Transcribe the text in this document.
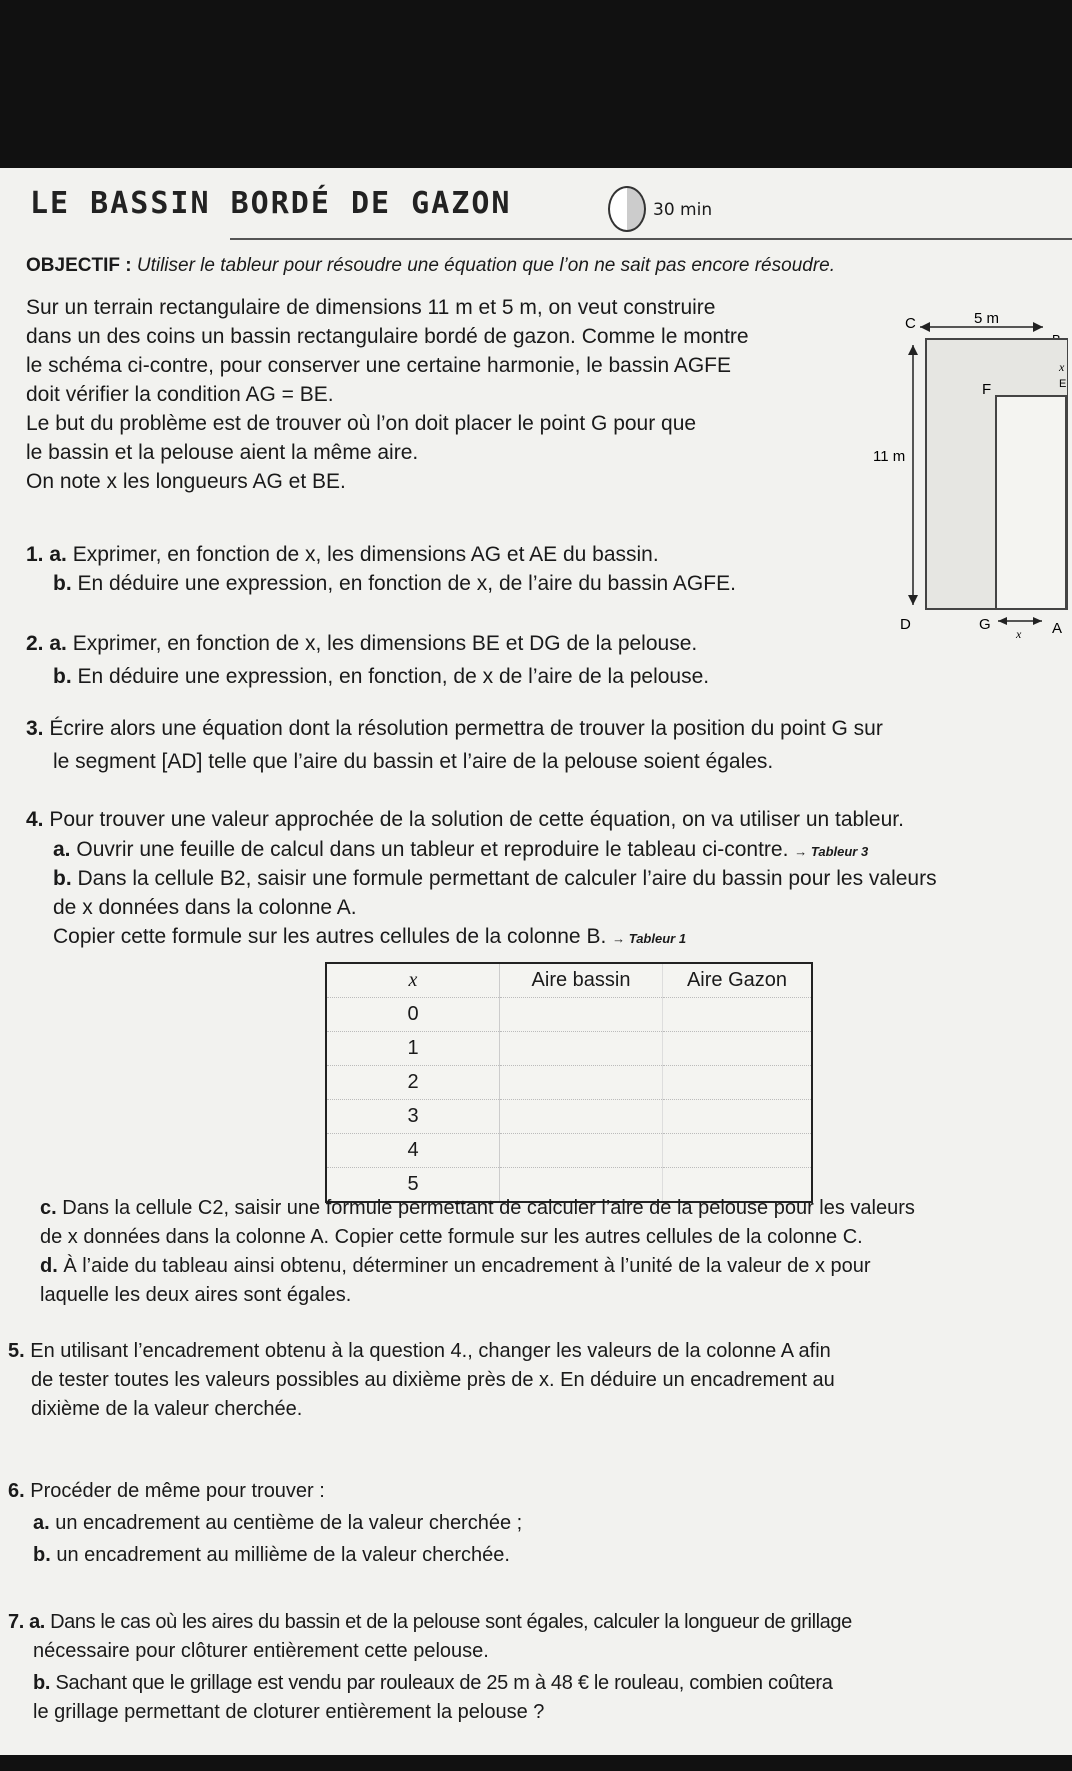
LE BASSIN BORDÉ DE GAZON	30 min
OBJECTIF : Utiliser le tableur pour résoudre une équation que l’on ne sait pas encore résoudre.
Sur un terrain rectangulaire de dimensions 11 m et 5 m, on veut construire
dans un des coins un bassin rectangulaire bordé de gazon. Comme le montre
le schéma ci-contre, pour conserver une certaine harmonie, le bassin AGFE
doit vérifier la condition AG = BE.
Le but du problème est de trouver où l’on doit placer le point G pour que
le bassin et la pelouse aient la même aire.
On note x les longueurs AG et BE.
5 m
C
F	E
x
11 m
D	G	A
x
1. a. Exprimer, en fonction de x, les dimensions AG et AE du bassin.
b. En déduire une expression, en fonction de x, de l’aire du bassin AGFE.
2. a. Exprimer, en fonction de x, les dimensions BE et DG de la pelouse.
b. En déduire une expression, en fonction, de x de l’aire de la pelouse.
3. Écrire alors une équation dont la résolution permettra de trouver la position du point G sur
le segment [AD] telle que l’aire du bassin et l’aire de la pelouse soient égales.
4. Pour trouver une valeur approchée de la solution de cette équation, on va utiliser un tableur.
a. Ouvrir une feuille de calcul dans un tableur et reproduire le tableau ci-contre. → Tableur 3
b. Dans la cellule B2, saisir une formule permettant de calculer l’aire du bassin pour les valeurs
de x données dans la colonne A.
Copier cette formule sur les autres cellules de la colonne B. → Tableur 1
x	Aire bassin	Aire Gazon
0		
1		
2		
3		
4		
5		
c. Dans la cellule C2, saisir une formule permettant de calculer l’aire de la pelouse pour les valeurs
de x données dans la colonne A. Copier cette formule sur les autres cellules de la colonne C.
d. À l’aide du tableau ainsi obtenu, déterminer un encadrement à l’unité de la valeur de x pour
laquelle les deux aires sont égales.
5. En utilisant l’encadrement obtenu à la question 4., changer les valeurs de la colonne A afin
de tester toutes les valeurs possibles au dixième près de x. En déduire un encadrement au
dixième de la valeur cherchée.
6. Procéder de même pour trouver :
a. un encadrement au centième de la valeur cherchée ;
b. un encadrement au millième de la valeur cherchée.
7. a. Dans le cas où les aires du bassin et de la pelouse sont égales, calculer la longueur de grillage
nécessaire pour clôturer entièrement cette pelouse.
b. Sachant que le grillage est vendu par rouleaux de 25 m à 48 € le rouleau, combien coûtera
le grillage permettant de cloturer entièrement la pelouse ?
